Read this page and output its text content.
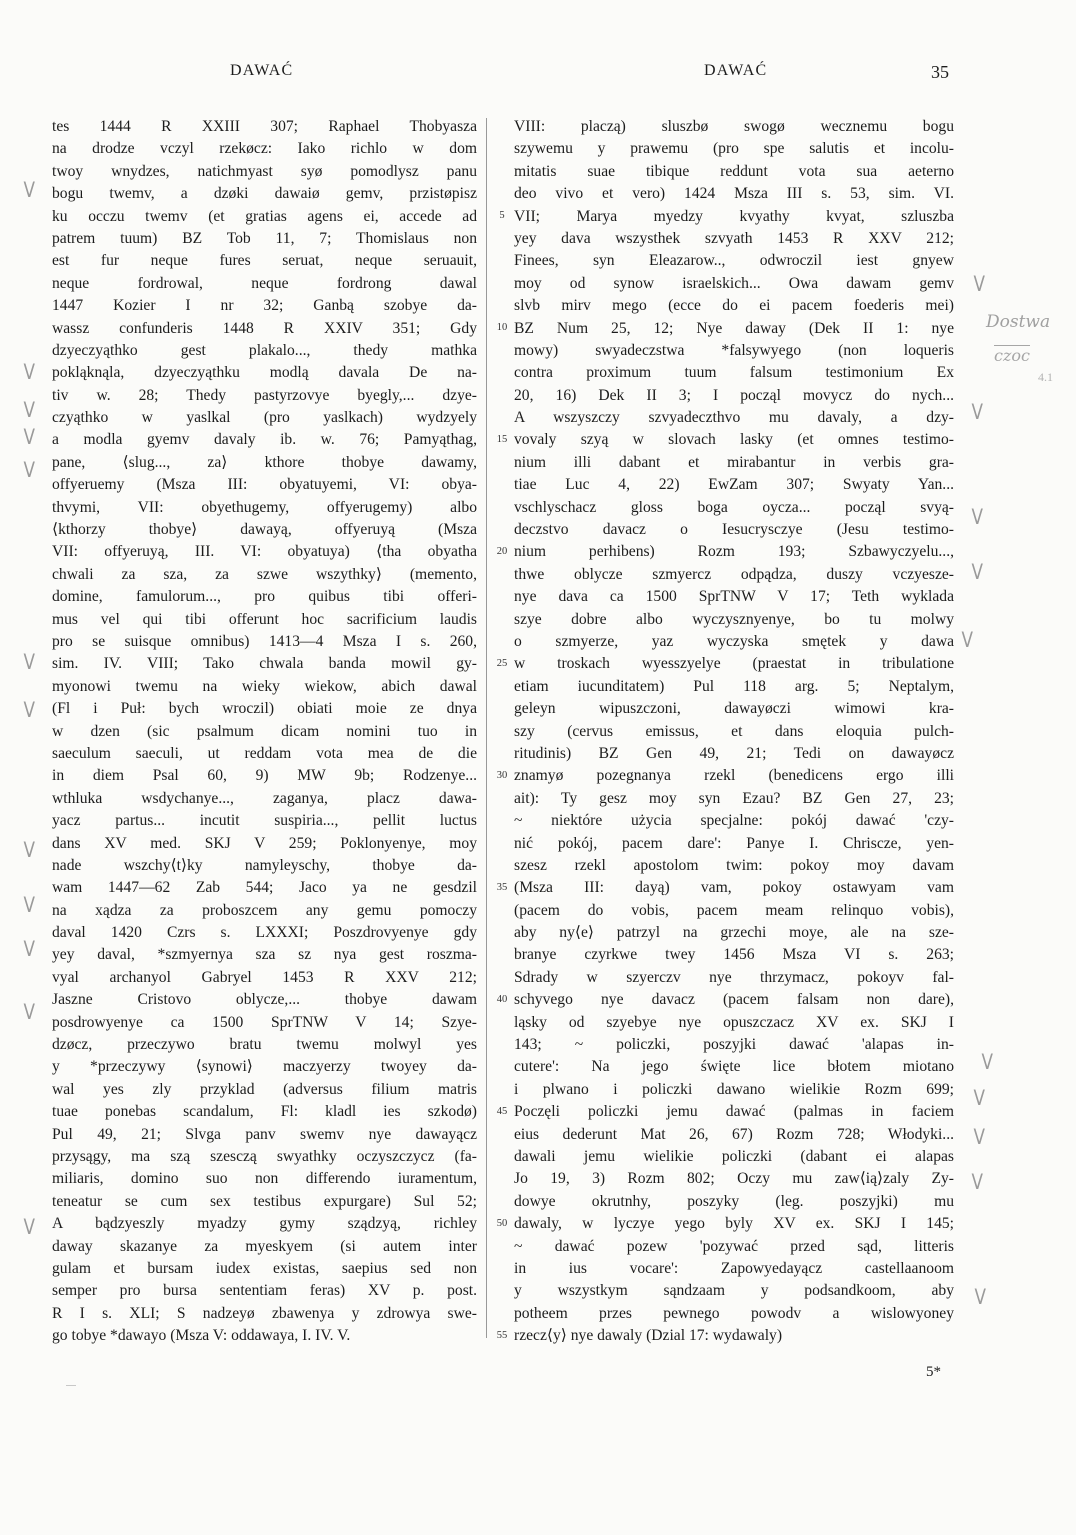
DAWAĆ	DAWAĆ	35
tes 1444 R XXIII 307; Raphael Thobyasza
na drodze vczyl rzekøcz: Iako richlo w dom
twoy wnydzes, natichmyast syø pomodlysz panu
bogu twemv, a dzøki dawaiø gemv, przistøpisz
ku occzu twemv (et gratias agens ei, accede ad
patrem tuum) BZ Tob 11, 7; Thomislaus non
est fur neque fures seruat, neque seruauit,
neque fordrowal, neque fordrong dawal
1447 Kozier I nr 32; Ganbą szobye da-
wassz confunderis 1448 R XXIV 351; Gdy
dzyeczyąthko gest plakalo..., thedy mathka
pokląknąla, dzyeczyąthku modlą davala De na-
tiv w. 28; Thedy pastyrzovye byegly,... dzye-
czyąthko w yaslkal (pro yaslkach) wydzyely
a modla gyemv davaly ib. w. 76; Pamyąthag,
pane, ⟨slug..., za⟩ kthore thobye dawamy,
offyeruemy (Msza III: obyatuyemi, VI: obya-
thvymi, VII: obyethugemy, offyerugemy) albo
⟨kthorzy thobye⟩ dawayą, offyeruyą (Msza
VII: offyeruyą, III. VI: obyatuya) ⟨tha obyatha
chwali za sza, za szwe wszythky⟩ (memento,
domine, famulorum..., pro quibus tibi offeri-
mus vel qui tibi offerunt hoc sacrificium laudis
pro se suisque omnibus) 1413—4 Msza I s. 260,
sim. IV. VIII; Tako chwala banda mowil gy-
myonowi twemu na wieky wiekow, abich dawal
(Fl i Puł: bych wroczil) obiati moie ze dnya
w dzen (sic psalmum dicam nomini tuo in
saeculum saeculi, ut reddam vota mea de die
in diem Psal 60, 9) MW 9b; Rodzenye...
wthluka wsdychanye..., zaganya, placz dawa-
yacz partus... incutit suspiria..., pellit luctus
dans XV med. SKJ V 259; Poklonyenye, moy
nade wszchy⟨t⟩ky namyleyschy, thobye da-
wam 1447—62 Zab 544; Jaco ya ne gesdzil
na xądza za proboszcem any gemu pomoczy
daval 1420 Czrs s. LXXXI; Poszdrovyenye gdy
yey daval, *szmyernya sza sz nya gest roszma-
vyal archanyol Gabryel 1453 R XXV 212;
Jaszne Cristovo oblycze,... thobye dawam
posdrowyenye ca 1500 SprTNW V 14; Szye-
dzøcz, przeczywo bratu twemu molwyl yes
y *przeczywy ⟨synowi⟩ maczyerzy twoyey da-
wal yes zly przyklad (adversus filium matris
tuae ponebas scandalum, Fl: kladl ies szkodø)
Pul 49, 21; Slvga panv swemv nye dawayącz
przysągy, ma szą szesczą swyathky oczyszczycz (fa-
miliaris, domino suo non differendo iuramentum,
teneatur se cum sex testibus expurgare) Sul 52;
A bądzyeszly myadzy gymy sządzyą, richley
daway skazanye za myeskyem (si autem inter
gulam et bursam iudex existas, saepius sed non
semper pro bursa sententiam feras) XV p. post.
R I s. XLI; S nadzeyø zbawenya y zdrowya swe-
go tobye *dawayo (Msza V: oddawaya, I. IV. V.
5
10
15
20
25
30
35
40
45
50
55
VIII: placzą) sluszbø swogø wecznemu bogu
szywemu y prawemu (pro spe salutis et incolu-
mitatis suae tibique reddunt vota sua aeterno
deo vivo et vero) 1424 Msza III s. 53, sim. VI.
VII; Marya myedzy kvyathy kvyat, szluszba
yey dava wszysthek szvyath 1453 R XXV 212;
Finees, syn Eleazarow.., odwroczil iest gnyew
moy od synow israelskich... Owa dawam gemv
slvb mirv mego (ecce do ei pacem foederis mei)
BZ Num 25, 12; Nye daway (Dek II 1: nye
mowy) swyadeczstwa *falsywyego (non loqueris
contra proximum tuum falsum testimonium Ex
20, 16) Dek II 3; I począl movycz do nych...
A wszyszczy szvyadeczthvo mu davaly, a dzy-
vovaly szyą w slovach lasky (et omnes testimo-
nium illi dabant et mirabantur in verbis gra-
tiae Luc 4, 22) EwZam 307; Swyaty Yan...
vschlyschacz gloss boga oycza... począl svyą-
deczstvo davacz o Iesucrysczye (Jesu testimo-
nium perhibens) Rozm 193; Szbawyczyelu...,
thwe oblycze szmyercz odpądza, duszy vczyesze-
nye dava ca 1500 SprTNW V 17; Teth wyklada
szye dobre albo wyczysznyenye, bo tu molwy
o szmyerze, yaz wyczyska smętek y dawa
w troskach wyesszyelye (praestat in tribulatione
etiam iucunditatem) Pul 118 arg. 5; Neptalym,
geleyn wipuszczoni, dawayøczi wimowi kra-
szy (cervus emissus, et dans eloquia pulch-
ritudinis) BZ Gen 49, 21; Tedi on dawayøcz
znamyø pozegnanya rzekl (benedicens ergo illi
ait): Ty gesz moy syn Ezau? BZ Gen 27, 23;
~ niektóre użycia specjalne: pokój dawać 'czy-
nić pokój, pacem dare': Panye I. Chriscze, yen-
szesz rzekl apostolom twim: pokoy moy davam
(Msza III: dayą) vam, pokoy ostawyam vam
(pacem do vobis, pacem meam relinquo vobis),
aby ny⟨e⟩ patrzyl na grzechi moye, ale na sze-
branye czyrkwe twey 1456 Msza VI s. 263;
Sdrady w szyerczv nye thrzymacz, pokoyv fal-
schyvego nye davacz (pacem falsam non dare),
ląsky od szyebye nye opuszczacz XV ex. SKJ I
143; ~ policzki, poszyjki dawać 'alapas in-
cutere': Na jego święte lice błotem miotano
i plwano i policzki dawano wielikie Rozm 699;
Poczęli policzki jemu dawać (palmas in faciem
eius dederunt Mat 26, 67) Rozm 728; Włodyki...
dawali jemu wielikie policzki (dabant ei alapas
Jo 19, 3) Rozm 802; Oczy mu zaw⟨ią⟩zaly Zy-
dowye okrutnhy, poszyky (leg. poszyjki) mu
dawaly, w lyczye yego byly XV ex. SKJ I 145;
~ dawać pozew 'pozywać przed sąd, litteris
in ius vocare': Zapowyedayącz castellaanoom
y wszystkym sąndzaam y podsandkoom, aby
potheem przes pewnego powodv a wislowyoney
rzecz⟨y⟩ nye dawaly (Dzial 17: wydawaly)
V
V
V
V
V
V
V
V
V
V
V
V
V
V
V
V
V
V
V
V
V
V
Dostwa
czoc
4.1
5*
